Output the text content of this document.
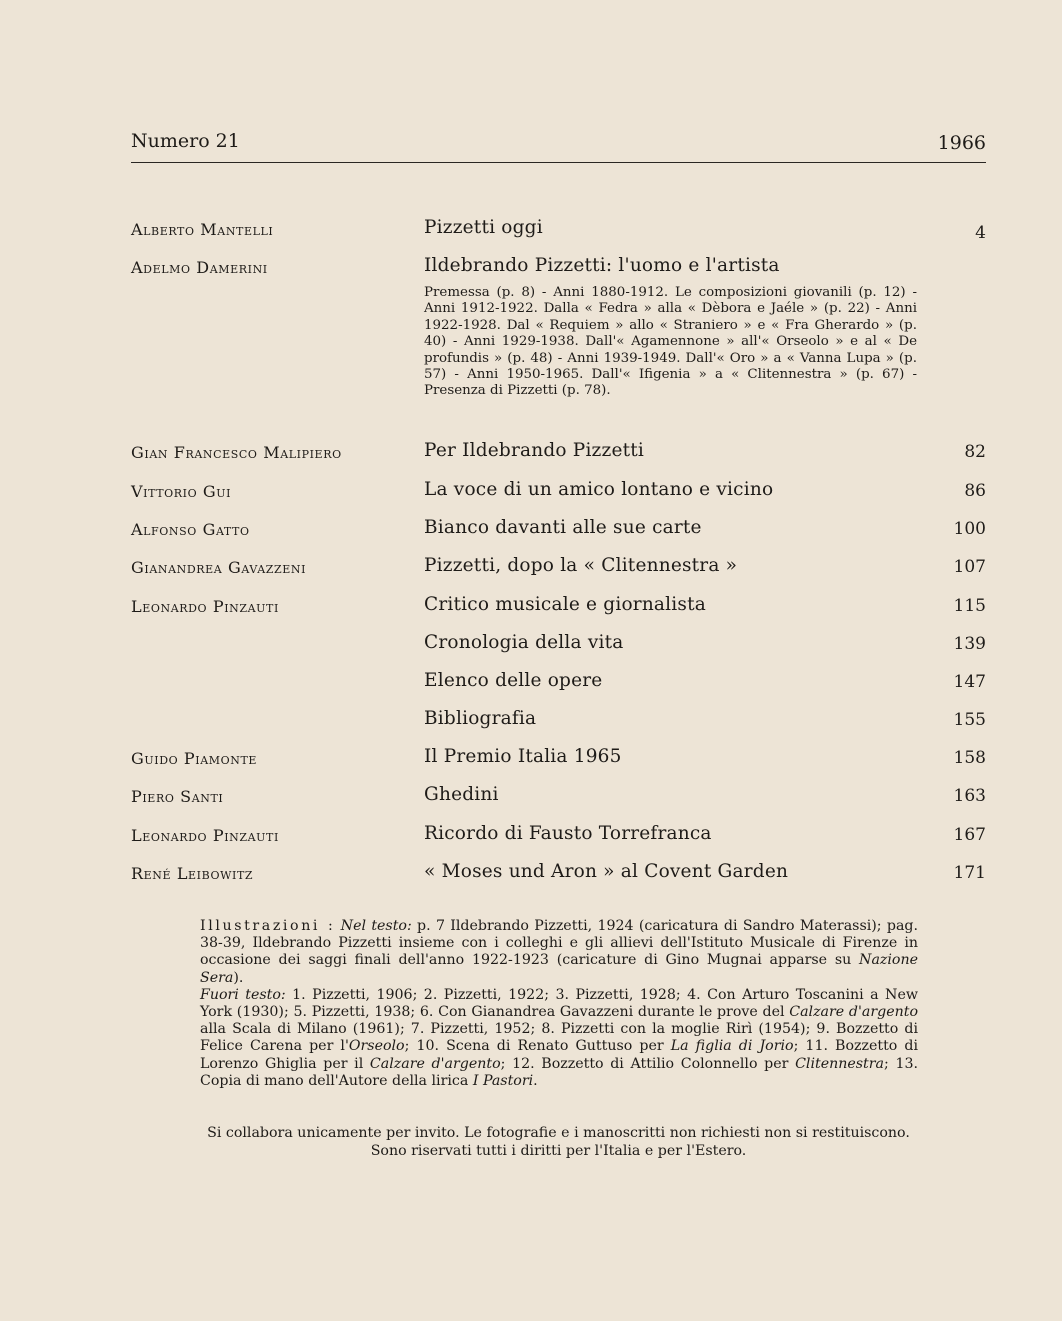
Numero 21	1966
Alberto Mantelli	Pizzetti oggi	4
Adelmo Damerini	Ildebrando Pizzetti: l'uomo e l'artista

Premessa (p. 8) - Anni 1880-1912. Le composizioni giovanili (p. 12) - Anni 1912-1922. Dalla « Fedra » alla « Dèbora e Jaéle » (p. 22) - Anni 1922-1928. Dal « Requiem » allo « Straniero » e « Fra Gherardo » (p. 40) - Anni 1929-1938. Dall'« Agamennone » all'« Orseolo » e al « De profundis » (p. 48) - Anni 1939-1949. Dall'« Oro » a « Vanna Lupa » (p. 57) - Anni 1950-1965. Dall'« Ifigenia » a « Clitennestra » (p. 67) - Presenza di Pizzetti (p. 78).

Gian Francesco Malipiero	Per Ildebrando Pizzetti	82
Vittorio Gui	La voce di un amico lontano e vicino	86
Alfonso Gatto	Bianco davanti alle sue carte	100
Gianandrea Gavazzeni	Pizzetti, dopo la « Clitennestra »	107
Leonardo Pinzauti	Critico musicale e giornalista	115
Cronologia della vita	139
Elenco delle opere	147
Bibliografia	155
Guido Piamonte	Il Premio Italia 1965	158
Piero Santi	Ghedini	163
Leonardo Pinzauti	Ricordo di Fausto Torrefranca	167
René Leibowitz	« Moses und Aron » al Covent Garden	171

Illustrazioni : Nel testo: p. 7 Ildebrando Pizzetti, 1924 (caricatura di Sandro Materassi); pag. 38-39, Ildebrando Pizzetti insieme con i colleghi e gli allievi dell'Istituto Musicale di Firenze in occasione dei saggi finali dell'anno 1922-1923 (caricature di Gino Mugnai apparse su Nazione Sera).
Fuori testo: 1. Pizzetti, 1906; 2. Pizzetti, 1922; 3. Pizzetti, 1928; 4. Con Arturo Toscanini a New York (1930); 5. Pizzetti, 1938; 6. Con Gianandrea Gavazzeni durante le prove del Calzare d'argento alla Scala di Milano (1961); 7. Pizzetti, 1952; 8. Pizzetti con la moglie Rirì (1954); 9. Bozzetto di Felice Carena per l'Orseolo; 10. Scena di Renato Guttuso per La figlia di Jorio; 11. Bozzetto di Lorenzo Ghiglia per il Calzare d'argento; 12. Bozzetto di Attilio Colonnello per Clitennestra; 13. Copia di mano dell'Autore della lirica I Pastori.

Si collabora unicamente per invito. Le fotografie e i manoscritti non richiesti non si restituiscono.
Sono riservati tutti i diritti per l'Italia e per l'Estero.
